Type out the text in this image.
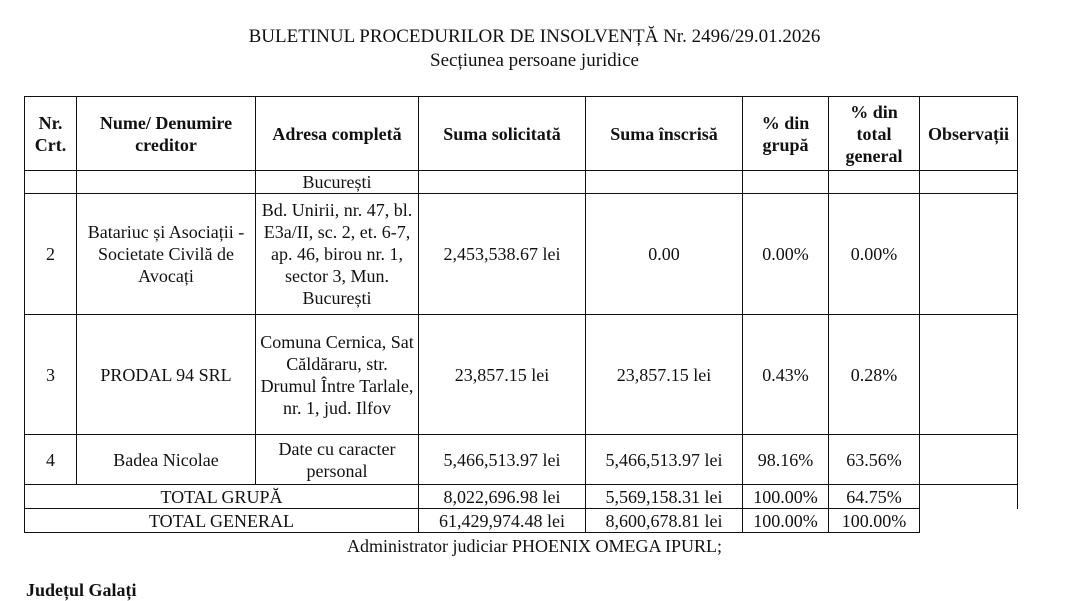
BULETINUL PROCEDURILOR DE INSOLVENȚĂ Nr. 2496/29.01.2026
Secțiunea persoane juridice
Nr. Crt.	Nume/ Denumire creditor	Adresa completă	Suma solicitată	Suma înscrisă	% din grupă	% din total general	Observații
		București					
2	Batariuc și Asociații - Societate Civilă de Avocați	Bd. Unirii, nr. 47, bl. E3a/II, sc. 2, et. 6-7, ap. 46, birou nr. 1, sector 3, Mun. București	2,453,538.67 lei	0.00	0.00%	0.00%	
3	PRODAL 94 SRL	Comuna Cernica, Sat Căldăraru, str. Drumul Între Tarlale, nr. 1, jud. Ilfov	23,857.15 lei	23,857.15 lei	0.43%	0.28%	
4	Badea Nicolae	Date cu caracter personal	5,466,513.97 lei	5,466,513.97 lei	98.16%	63.56%	
TOTAL GRUPĂ			8,022,696.98 lei	5,569,158.31 lei	100.00%	64.75%	
TOTAL GENERAL			61,429,974.48 lei	8,600,678.81 lei	100.00%	100.00%	
Administrator judiciar PHOENIX OMEGA IPURL;
Județul Galați
